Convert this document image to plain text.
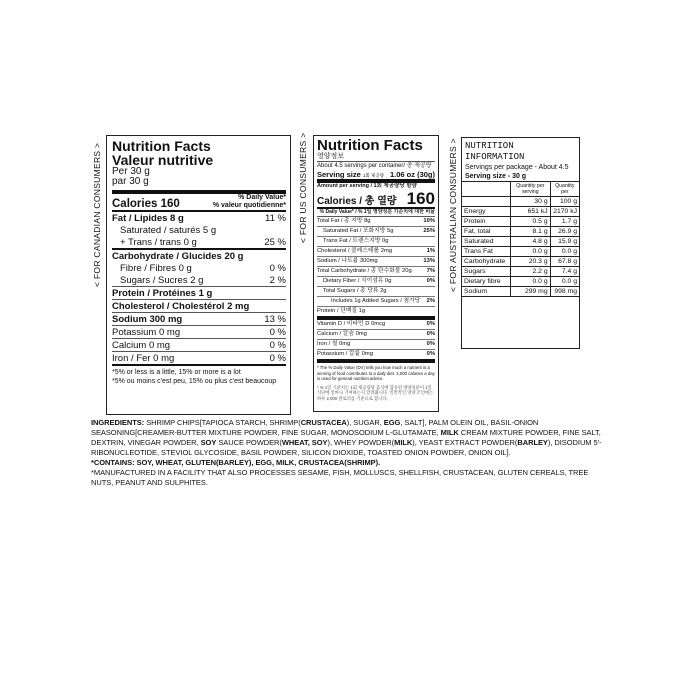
< FOR CANADIAN CONSUMERS >	< FOR US CONSUMERS >	< FOR AUSTRALIAN CONSUMERS >
Nutrition Facts
Valeur nutritive
Per 30 g
par 30 g
Calories 160
% Daily Value*
% valeur quotidienne*
Fat / Lipides 8 g	11 %
Saturated / saturés 5 g
+ Trans / trans 0 g	25 %
Carbohydrate / Glucides 20 g
Fibre / Fibres 0 g	0 %
Sugars / Sucres 2 g	2 %
Protein / Protéines 1 g
Cholesterol / Cholestérol 2 mg
Sodium 300 mg	13 %
Potassium 0 mg	0 %
Calcium 0 mg	0 %
Iron / Fer 0 mg	0 %
*5% or less is a little, 15% or more is a lot
*5% ou moins c'est peu, 15% ou plus c'est beaucoup
Nutrition Facts
영양정보
About 4.5 servings per container/ 총 제공량
Serving size 1회 제공량 1.06 oz (30g)
Amount per serving / 1회 제공량당 함량
Calories / 총 열량 160
% Daily Value* / % 1일 영양성분 기준치에 대한 비율
Total Fat / 총 지방 8g	10%
Saturated Fat / 포화지방 5g	25%
Trans Fat / 트랜스지방 0g
Cholesterol / 콜레스테롤 2mg	1%
Sodium / 나트륨 300mg	13%
Total Carbohydrate / 총 탄수화물 20g	7%
Dietary Fiber / 식이섬유 0g	0%
Total Sugars / 총 당류 2g
Includes 1g Added Sugars / 첨가당 2%
Protein / 단백질 1g
Vitamin D / 비타민 D 0mcg	0%
Calcium / 칼슘 0mg	0%
Iron / 철 0mg	0%
Potassium / 칼륨 0mg	0%
* The % Daily Value (DV) tells you how much a nutrient in a serving of food contributes to a daily diet. 2,000 calories a day is used for general nutrition advice.
* % 1일 기준치는 1회 제공량당 음식에 함유된 영양성분이 1일 식단에 얼마나 기여하는지 알려줍니다. 일반적인 영양 조언에는 하루 2,000 칼로리를 기준으로 합니다.
NUTRITION INFORMATION
Servings per package - About 4.5
Serving size - 30 g
	Quantity per serving	Quantity per
	30 g	100 g
Energy	651 kJ	2170 kJ
Protein	0.5 g	1.7 g
Fat, total	8.1 g	26.9 g
Saturated	4.8 g	15.9 g
Trans Fat	0.0 g	0.0 g
Carbohydrate	20.3 g	67.8 g
Sugars	2.2 g	7.4 g
Dietary fibre	0.0 g	0.0 g
Sodium	299 mg	998 mg
INGREDIENTS: SHRIMP CHIPS[TAPIOCA STARCH, SHRIMP(CRUSTACEA), SUGAR, EGG, SALT], PALM OLEIN OIL, BASIL-ONION SEASONING[CREAMER-BUTTER MIXTURE POWDER, FINE SUGAR, MONOSODIUM L-GLUTAMATE, MILK CREAM MIXTURE POWDER, FINE SALT, DEXTRIN, VINEGAR POWDER, SOY SAUCE POWDER(WHEAT, SOY), WHEY POWDER(MILK), YEAST EXTRACT POWDER(BARLEY), DISODIUM 5'-RIBONUCLEOTIDE, STEVIOL GLYCOSIDE, BASIL POWDER, SILICON DIOXIDE, TOASTED ONION POWDER, ONION OIL].
*CONTAINS: SOY, WHEAT, GLUTEN(BARLEY), EGG, MILK, CRUSTACEA(SHRIMP).
*MANUFACTURED IN A FACILITY THAT ALSO PROCESSES SESAME, FISH, MOLLUSCS, SHELLFISH, CRUSTACEAN, GLUTEN CEREALS, TREE NUTS, PEANUT AND SULPHITES.
